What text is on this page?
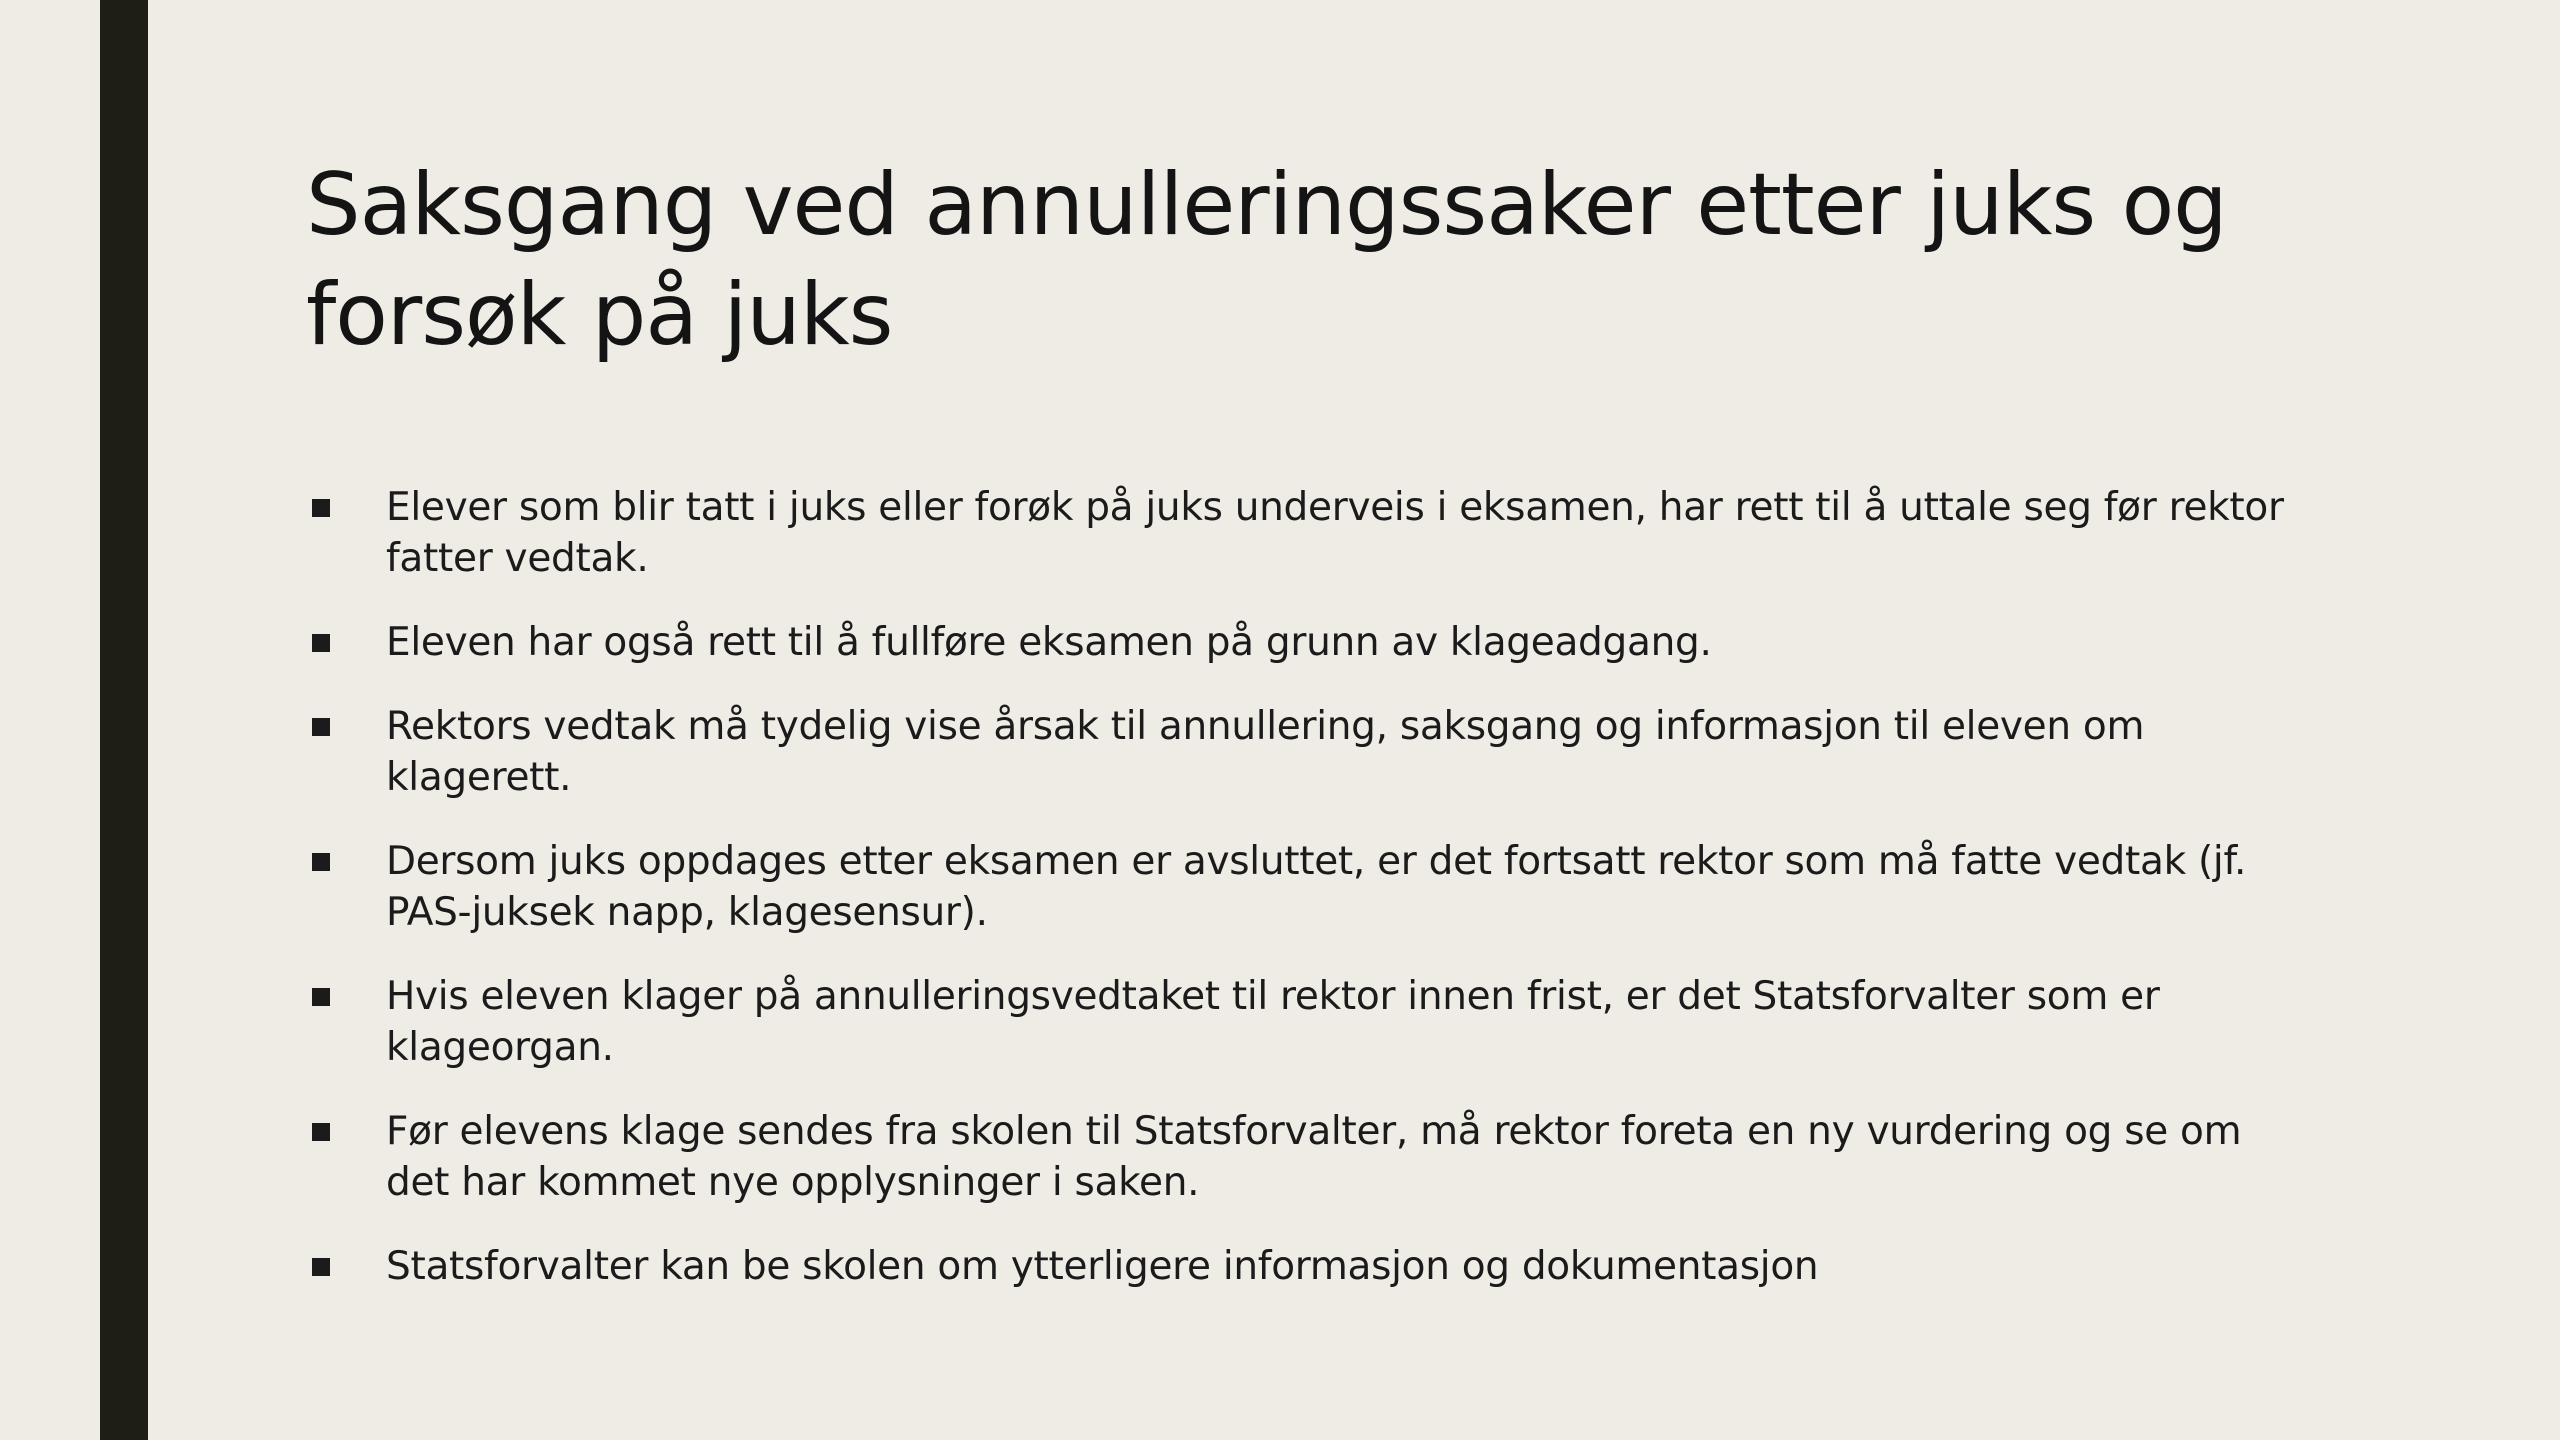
Saksgang ved annulleringssaker etter juks og forsøk på juks
Elever som blir tatt i juks eller forøk på juks underveis i eksamen, har rett til å uttale seg før rektor fatter vedtak.
Eleven har også rett til å fullføre eksamen på grunn av klageadgang.
Rektors vedtak må tydelig vise årsak til annullering, saksgang og informasjon til eleven om klagerett.
Dersom juks oppdages etter eksamen er avsluttet, er det fortsatt rektor som må fatte vedtak (jf. PAS-juksek napp, klagesensur).
Hvis eleven klager på annulleringsvedtaket til rektor innen frist, er det Statsforvalter som er klageorgan.
Før elevens klage sendes fra skolen til Statsforvalter, må rektor foreta en ny vurdering og se om det har kommet nye opplysninger i saken.
Statsforvalter kan be skolen om ytterligere informasjon og dokumentasjon
